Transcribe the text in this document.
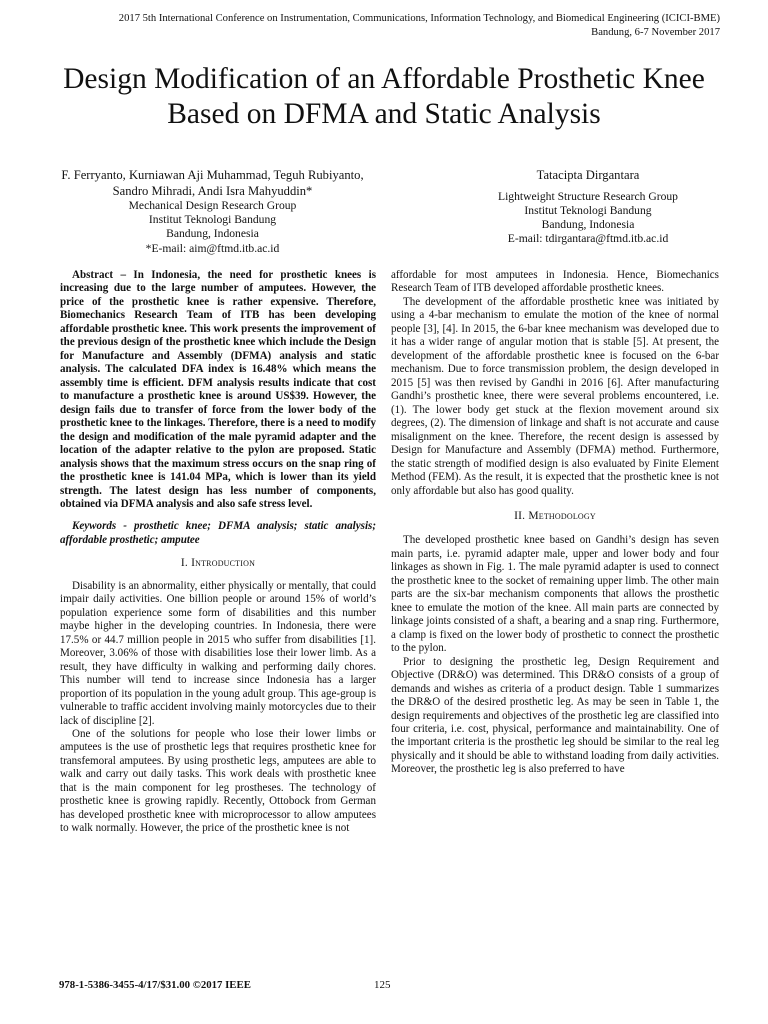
2017 5th International Conference on Instrumentation, Communications, Information Technology, and Biomedical Engineering (ICICI-BME)
Bandung, 6-7 November 2017
Design Modification of an Affordable Prosthetic Knee Based on DFMA and Static Analysis

F. Ferryanto, Kurniawan Aji Muhammad, Teguh Rubiyanto, Sandro Mihradi, Andi Isra Mahyuddin*

Mechanical Design Research Group

Institut Teknologi Bandung

Bandung, Indonesia

*E-mail: aim@ftmd.itb.ac.id

Tatacipta Dirgantara

Lightweight Structure Research Group

Institut Teknologi Bandung

Bandung, Indonesia

E-mail: tdirgantara@ftmd.itb.ac.id

Abstract – In Indonesia, the need for prosthetic knees is increasing due to the large number of amputees. However, the price of the prosthetic knee is rather expensive. Therefore, Biomechanics Research Team of ITB has been developing affordable prosthetic knee. This work presents the improvement of the previous design of the prosthetic knee which include the Design for Manufacture and Assembly (DFMA) analysis and static analysis. The calculated DFA index is 16.48% which means the assembly time is efficient. DFM analysis results indicate that cost to manufacture a prosthetic knee is around US$39. However, the design fails due to transfer of force from the lower body of the prosthetic knee to the linkages. Therefore, there is a need to modify the design and modification of the male pyramid adapter and the location of the adapter relative to the pylon are proposed. Static analysis shows that the maximum stress occurs on the snap ring of the prosthetic knee is 141.04 MPa, which is lower than its yield strength. The latest design has less number of components, obtained via DFMA analysis and also safe stress level.

Keywords - prosthetic knee; DFMA analysis; static analysis; affordable prosthetic; amputee

I. Introduction

Disability is an abnormality, either physically or mentally, that could impair daily activities. One billion people or around 15% of world’s population experience some form of disabilities and this number maybe higher in the developing countries. In Indonesia, there were 17.5% or 44.7 million people in 2015 who suffer from disabilities [1]. Moreover, 3.06% of those with disabilities lose their lower limb. As a result, they have difficulty in walking and performing daily chores. This number will tend to increase since Indonesia has a larger proportion of its population in the young adult group. This age-group is vulnerable to traffic accident involving mainly motorcycles due to their lack of discipline [2].

One of the solutions for people who lose their lower limbs or amputees is the use of prosthetic legs that requires prosthetic knee for transfemoral amputees. By using prosthetic legs, amputees are able to walk and carry out daily tasks. This work deals with prosthetic knee that is the main component for leg prostheses. The technology of prosthetic knee is growing rapidly. Recently, Ottobock from German has developed prosthetic knee with microprocessor to allow amputees to walk normally. However, the price of the prosthetic knee is not

affordable for most amputees in Indonesia. Hence, Biomechanics Research Team of ITB developed affordable prosthetic knees.

The development of the affordable prosthetic knee was initiated by using a 4-bar mechanism to emulate the motion of the knee of normal people [3], [4]. In 2015, the 6-bar knee mechanism was developed due to it has a wider range of angular motion that is stable [5]. At present, the development of the affordable prosthetic knee is focused on the 6-bar mechanism. Due to force transmission problem, the design developed in 2015 [5] was then revised by Gandhi in 2016 [6]. After manufacturing Gandhi’s prosthetic knee, there were several problems encountered, i.e. (1). The lower body get stuck at the flexion movement around six degrees, (2). The dimension of linkage and shaft is not accurate and cause misalignment on the knee. Therefore, the recent design is assessed by Design for Manufacture and Assembly (DFMA) method. Furthermore, the static strength of modified design is also evaluated by Finite Element Method (FEM). As the result, it is expected that the prosthetic knee is not only affordable but also has good quality.

II. Methodology

The developed prosthetic knee based on Gandhi’s design has seven main parts, i.e. pyramid adapter male, upper and lower body and four linkages as shown in Fig. 1. The male pyramid adapter is used to connect the prosthetic knee to the socket of remaining upper limb. The other main parts are the six-bar mechanism components that allows the prosthetic knee to emulate the motion of the knee. All main parts are connected by linkage joints consisted of a shaft, a bearing and a snap ring. Furthermore, a clamp is fixed on the lower body of prosthetic to connect the prosthetic to the pylon.

Prior to designing the prosthetic leg, Design Requirement and Objective (DR&O) was determined. This DR&O consists of a group of demands and wishes as criteria of a product design. Table 1 summarizes the DR&O of the desired prosthetic leg. As may be seen in Table 1, the design requirements and objectives of the prosthetic leg are classified into four criteria, i.e. cost, physical, performance and maintainability. One of the important criteria is the prosthetic leg should be similar to the real leg physically and it should be able to withstand loading from daily activities. Moreover, the prosthetic leg is also preferred to have

978-1-5386-3455-4/17/$31.00 ©2017 IEEE	125
